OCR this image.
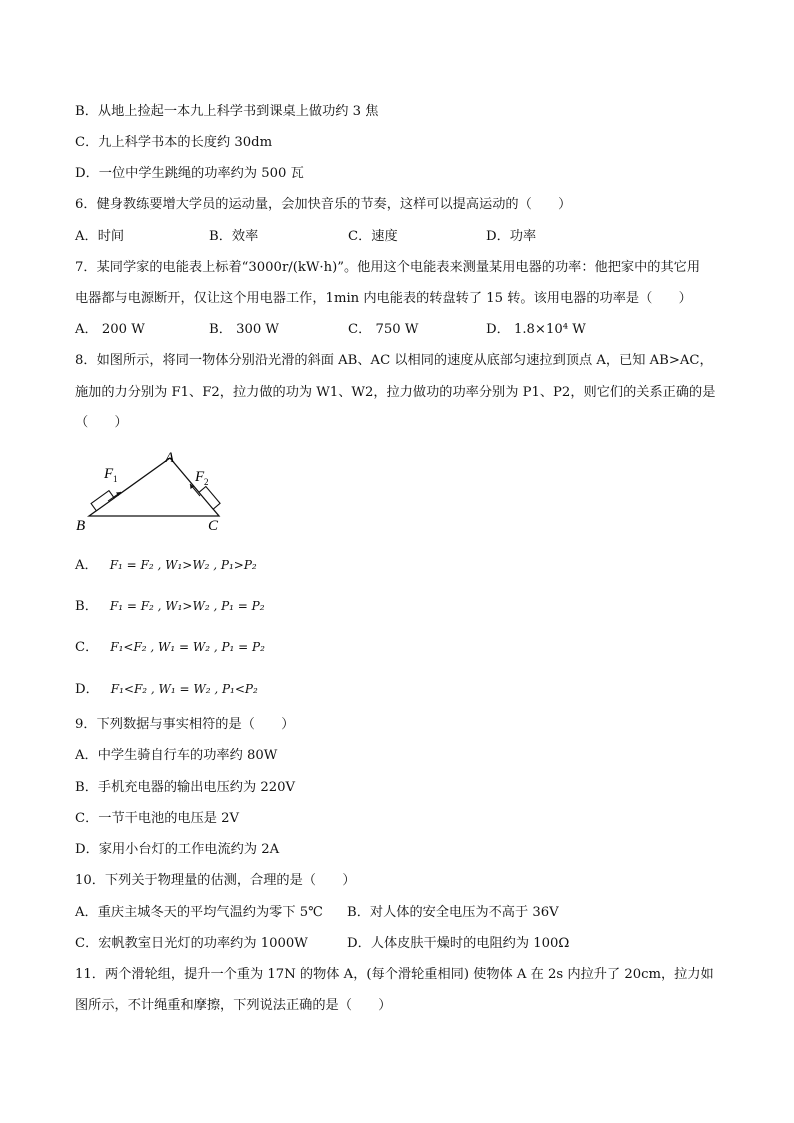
B．从地上捡起一本九上科学书到课桌上做功约 3 焦
C．九上科学书本的长度约 30dm
D．一位中学生跳绳的功率约为 500 瓦
6．健身教练要增大学员的运动量，会加快音乐的节奏，这样可以提高运动的（　　）
A．时间	B．效率	C．速度	D．功率
7．某同学家的电能表上标着“3000r/(kW·h)”。他用这个电能表来测量某用电器的功率：他把家中的其它用
电器都与电源断开，仅让这个用电器工作，1min 内电能表的转盘转了 15 转。该用电器的功率是（　　）
A． 200 W	B． 300 W	C． 750 W	D． 1.8×10⁴ W
8．如图所示，将同一物体分别沿光滑的斜面 AB、AC 以相同的速度从底部匀速拉到顶点 A，已知 AB>AC，
施加的力分别为 F1、F2，拉力做的功为 W1、W2，拉力做功的功率分别为 P1、P2，则它们的关系正确的是
（　　）
F 1	F 2
A
B	C
A． F₁ = F₂ , W₁>W₂ , P₁>P₂
B． F₁ = F₂ , W₁>W₂ , P₁ = P₂
C． F₁<F₂ , W₁ = W₂ , P₁ = P₂
D． F₁<F₂ , W₁ = W₂ , P₁<P₂
9．下列数据与事实相符的是（　　）
A．中学生骑自行车的功率约 80W
B．手机充电器的输出电压约为 220V
C．一节干电池的电压是 2V
D．家用小台灯的工作电流约为 2A
10．下列关于物理量的估测，合理的是（　　）
A．重庆主城冬天的平均气温约为零下 5℃ B．对人体的安全电压为不高于 36V
C．宏帆教室日光灯的功率约为 1000W	D．人体皮肤干燥时的电阻约为 100Ω
11．两个滑轮组，提升一个重为 17N 的物体 A，(每个滑轮重相同) 使物体 A 在 2s 内拉升了 20cm，拉力如
图所示，不计绳重和摩擦，下列说法正确的是（　　）
